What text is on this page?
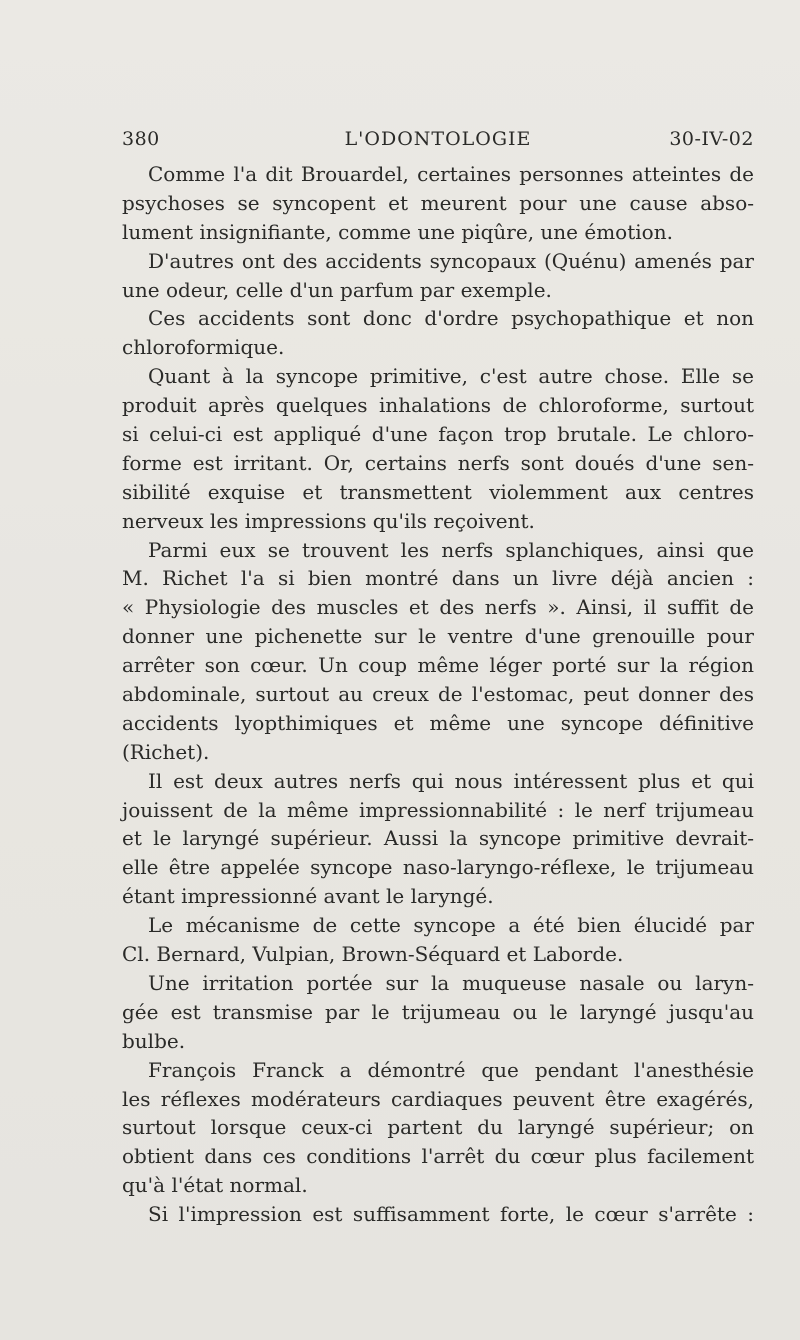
380	L'ODONTOLOGIE	30-IV-02
Comme l'a dit Brouardel, certaines personnes atteintes de
psychoses se syncopent et meurent pour une cause abso-
lument insignifiante, comme une piqûre, une émotion.
D'autres ont des accidents syncopaux (Quénu) amenés par
une odeur, celle d'un parfum par exemple.
Ces accidents sont donc d'ordre psychopathique et non
chloroformique.
Quant à la syncope primitive, c'est autre chose. Elle se
produit après quelques inhalations de chloroforme, surtout
si celui-ci est appliqué d'une façon trop brutale. Le chloro-
forme est irritant. Or, certains nerfs sont doués d'une sen-
sibilité exquise et transmettent violemment aux centres
nerveux les impressions qu'ils reçoivent.
Parmi eux se trouvent les nerfs splanchiques, ainsi que
M. Richet l'a si bien montré dans un livre déjà ancien :
« Physiologie des muscles et des nerfs ». Ainsi, il suffit de
donner une pichenette sur le ventre d'une grenouille pour
arrêter son cœur. Un coup même léger porté sur la région
abdominale, surtout au creux de l'estomac, peut donner des
accidents lyopthimiques et même une syncope définitive
(Richet).
Il est deux autres nerfs qui nous intéressent plus et qui
jouissent de la même impressionnabilité : le nerf trijumeau
et le laryngé supérieur. Aussi la syncope primitive devrait-
elle être appelée syncope naso-laryngo-réflexe, le trijumeau
étant impressionné avant le laryngé.
Le mécanisme de cette syncope a été bien élucidé par
Cl. Bernard, Vulpian, Brown-Séquard et Laborde.
Une irritation portée sur la muqueuse nasale ou laryn-
gée est transmise par le trijumeau ou le laryngé jusqu'au
bulbe.
François Franck a démontré que pendant l'anesthésie
les réflexes modérateurs cardiaques peuvent être exagérés,
surtout lorsque ceux-ci partent du laryngé supérieur; on
obtient dans ces conditions l'arrêt du cœur plus facilement
qu'à l'état normal.
Si l'impression est suffisamment forte, le cœur s'arrête :
